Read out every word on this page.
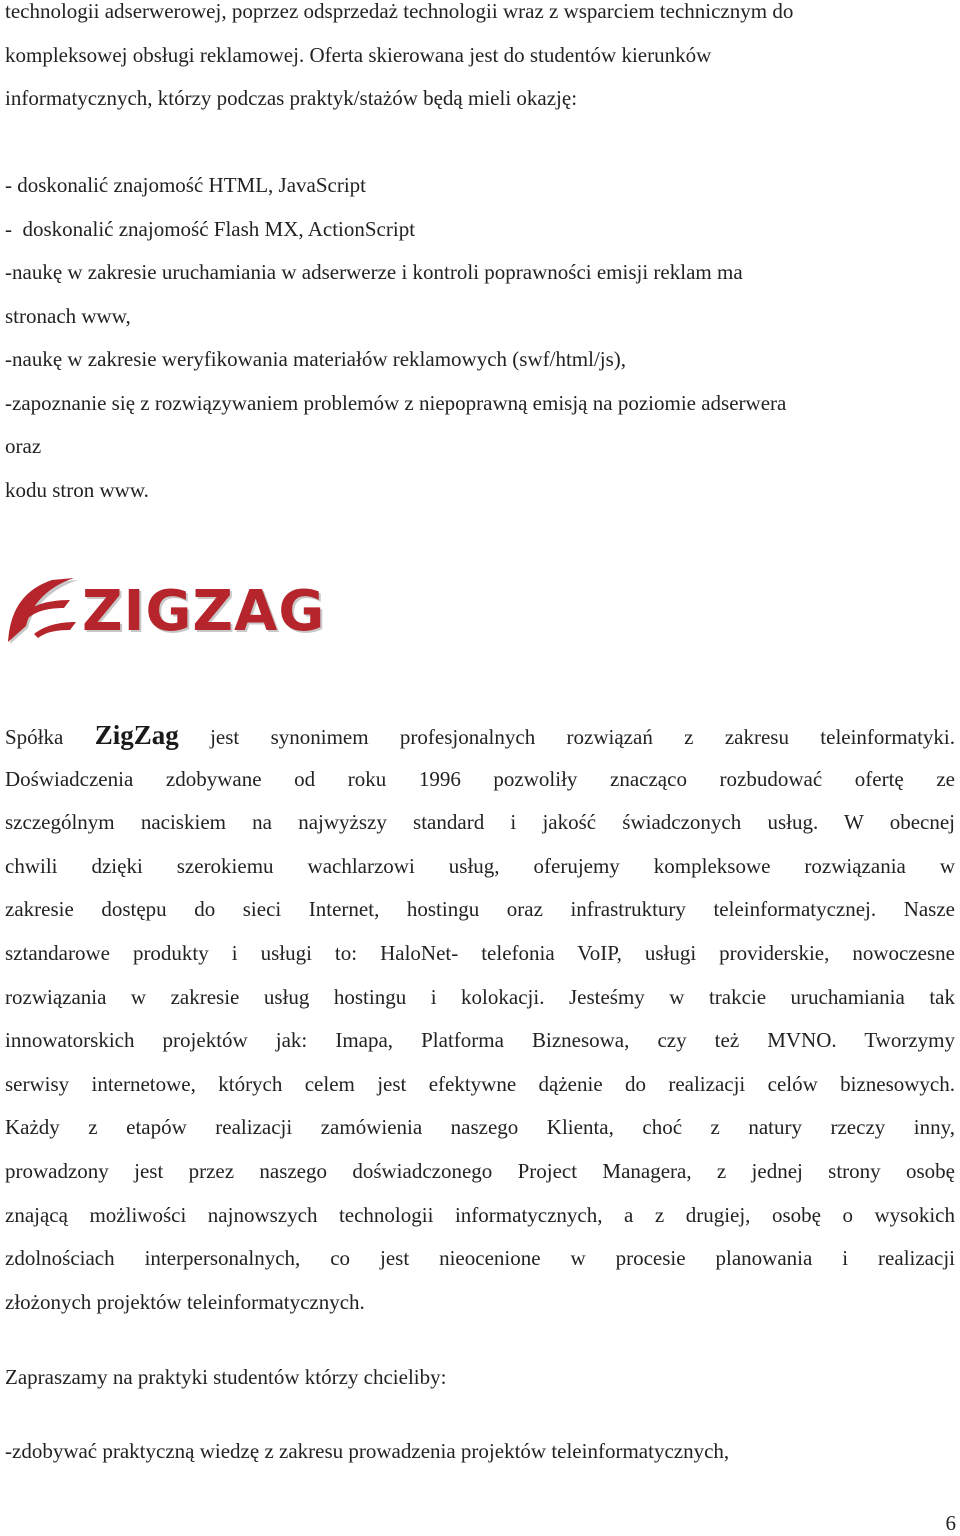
technologii adserwerowej, poprzez odsprzedaż technologii wraz z wsparciem technicznym do
kompleksowej obsługi reklamowej. Oferta skierowana jest do studentów kierunków
informatycznych, którzy podczas praktyk/stażów będą mieli okazję:
- doskonalić znajomość HTML, JavaScript
-  doskonalić znajomość Flash MX, ActionScript
-naukę w zakresie uruchamiania w adserwerze i kontroli poprawności emisji reklam ma
stronach www,
-naukę w zakresie weryfikowania materiałów reklamowych (swf/html/js),
-zapoznanie się z rozwiązywaniem problemów z niepoprawną emisją na poziomie adserwera
oraz
kodu stron www.
ZIGZAG
Spółka ZigZag jest synonimem profesjonalnych rozwiązań z zakresu teleinformatyki.
Doświadczenia zdobywane od roku 1996 pozwoliły znacząco rozbudować ofertę ze
szczególnym naciskiem na najwyższy standard i jakość świadczonych usług. W obecnej
chwili dzięki szerokiemu wachlarzowi usług, oferujemy kompleksowe rozwiązania w
zakresie dostępu do sieci Internet, hostingu oraz infrastruktury teleinformatycznej. Nasze
sztandarowe produkty i usługi to: HaloNet- telefonia VoIP, usługi providerskie, nowoczesne
rozwiązania w zakresie usług hostingu i kolokacji. Jesteśmy w trakcie uruchamiania tak
innowatorskich projektów jak: Imapa, Platforma Biznesowa, czy też MVNO. Tworzymy
serwisy internetowe, których celem jest efektywne dążenie do realizacji celów biznesowych.
Każdy z etapów realizacji zamówienia naszego Klienta, choć z natury rzeczy inny,
prowadzony jest przez naszego doświadczonego Project Managera, z jednej strony osobę
znającą możliwości najnowszych technologii informatycznych, a z drugiej, osobę o wysokich
zdolnościach interpersonalnych, co jest nieocenione w procesie planowania i realizacji
złożonych projektów teleinformatycznych.
Zapraszamy na praktyki studentów którzy chcieliby:
-zdobywać praktyczną wiedzę z zakresu prowadzenia projektów teleinformatycznych,
6
